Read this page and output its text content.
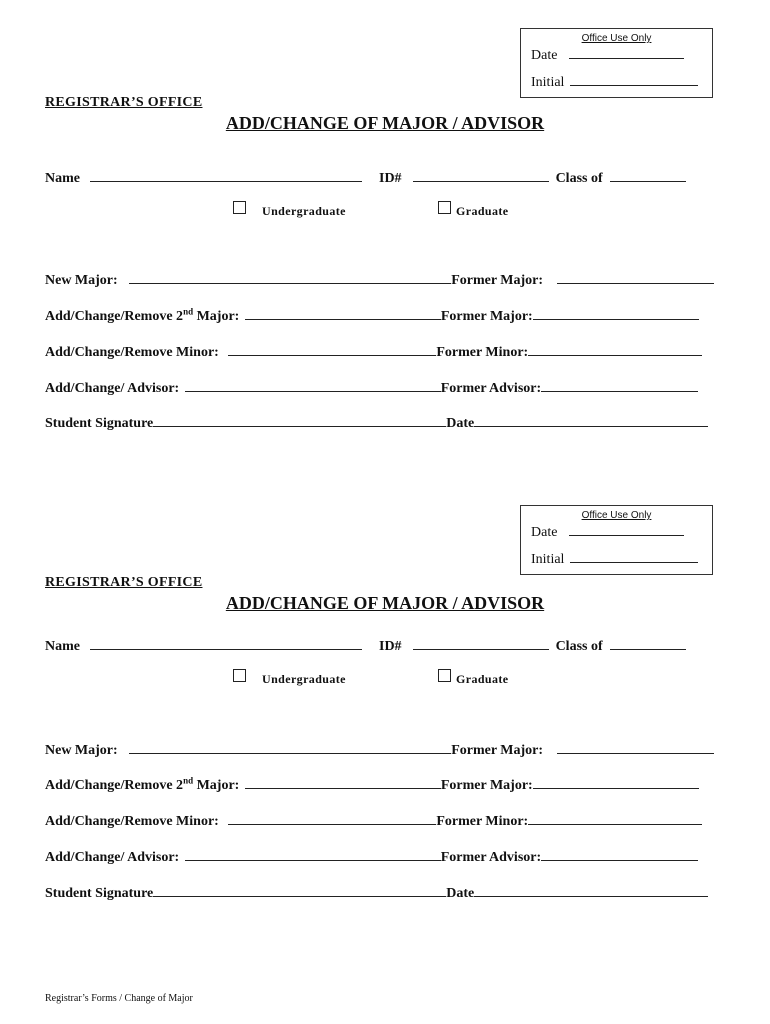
Office Use Only
Date
Initial
REGISTRAR’S OFFICE
ADD/CHANGE OF MAJOR / ADVISOR
Name	ID#	Class of
Undergraduate	Graduate
New Major:	Former Major:
Add/Change/Remove 2nd Major:	Former Major:
Add/Change/Remove Minor:	Former Minor:
Add/Change/ Advisor:	Former Advisor:
Student Signature	Date
Office Use Only
Date
Initial
REGISTRAR’S OFFICE
ADD/CHANGE OF MAJOR / ADVISOR
Name	ID#	Class of
Undergraduate	Graduate
New Major:	Former Major:
Add/Change/Remove 2nd Major:	Former Major:
Add/Change/Remove Minor:	Former Minor:
Add/Change/ Advisor:	Former Advisor:
Student Signature	Date
Registrar’s Forms / Change of Major
